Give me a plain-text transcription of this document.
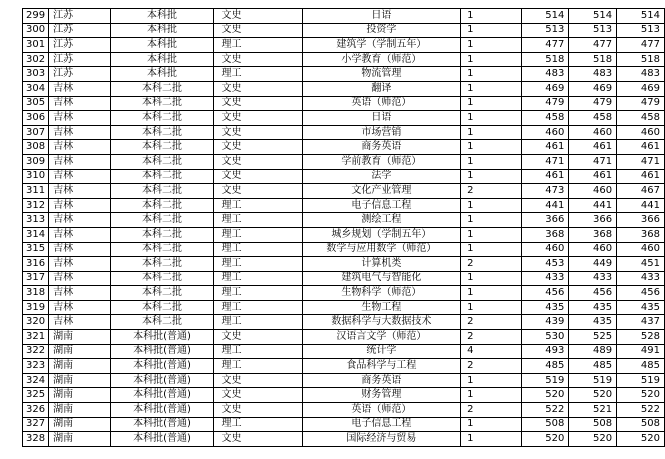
299	江苏	本科批	文史	日语	1	514	514	514
300	江苏	本科批	文史	投资学	1	513	513	513
301	江苏	本科批	理工	建筑学（学制五年）	1	477	477	477
302	江苏	本科批	文史	小学教育（师范）	1	518	518	518
303	江苏	本科批	理工	物流管理	1	483	483	483
304	吉林	本科二批	文史	翻译	1	469	469	469
305	吉林	本科二批	文史	英语（师范）	1	479	479	479
306	吉林	本科二批	文史	日语	1	458	458	458
307	吉林	本科二批	文史	市场营销	1	460	460	460
308	吉林	本科二批	文史	商务英语	1	461	461	461
309	吉林	本科二批	文史	学前教育（师范）	1	471	471	471
310	吉林	本科二批	文史	法学	1	461	461	461
311	吉林	本科二批	文史	文化产业管理	2	473	460	467
312	吉林	本科二批	理工	电子信息工程	1	441	441	441
313	吉林	本科二批	理工	测绘工程	1	366	366	366
314	吉林	本科二批	理工	城乡规划（学制五年）	1	368	368	368
315	吉林	本科二批	理工	数学与应用数学（师范）	1	460	460	460
316	吉林	本科二批	理工	计算机类	2	453	449	451
317	吉林	本科二批	理工	建筑电气与智能化	1	433	433	433
318	吉林	本科二批	理工	生物科学（师范）	1	456	456	456
319	吉林	本科二批	理工	生物工程	1	435	435	435
320	吉林	本科二批	理工	数据科学与大数据技术	2	439	435	437
321	湖南	本科批(普通)	文史	汉语言文学（师范）	2	530	525	528
322	湖南	本科批(普通)	理工	统计学	4	493	489	491
323	湖南	本科批(普通)	理工	食品科学与工程	2	485	485	485
324	湖南	本科批(普通)	文史	商务英语	1	519	519	519
325	湖南	本科批(普通)	文史	财务管理	1	520	520	520
326	湖南	本科批(普通)	文史	英语（师范）	2	522	521	522
327	湖南	本科批(普通)	理工	电子信息工程	1	508	508	508
328	湖南	本科批(普通)	文史	国际经济与贸易	1	520	520	520
